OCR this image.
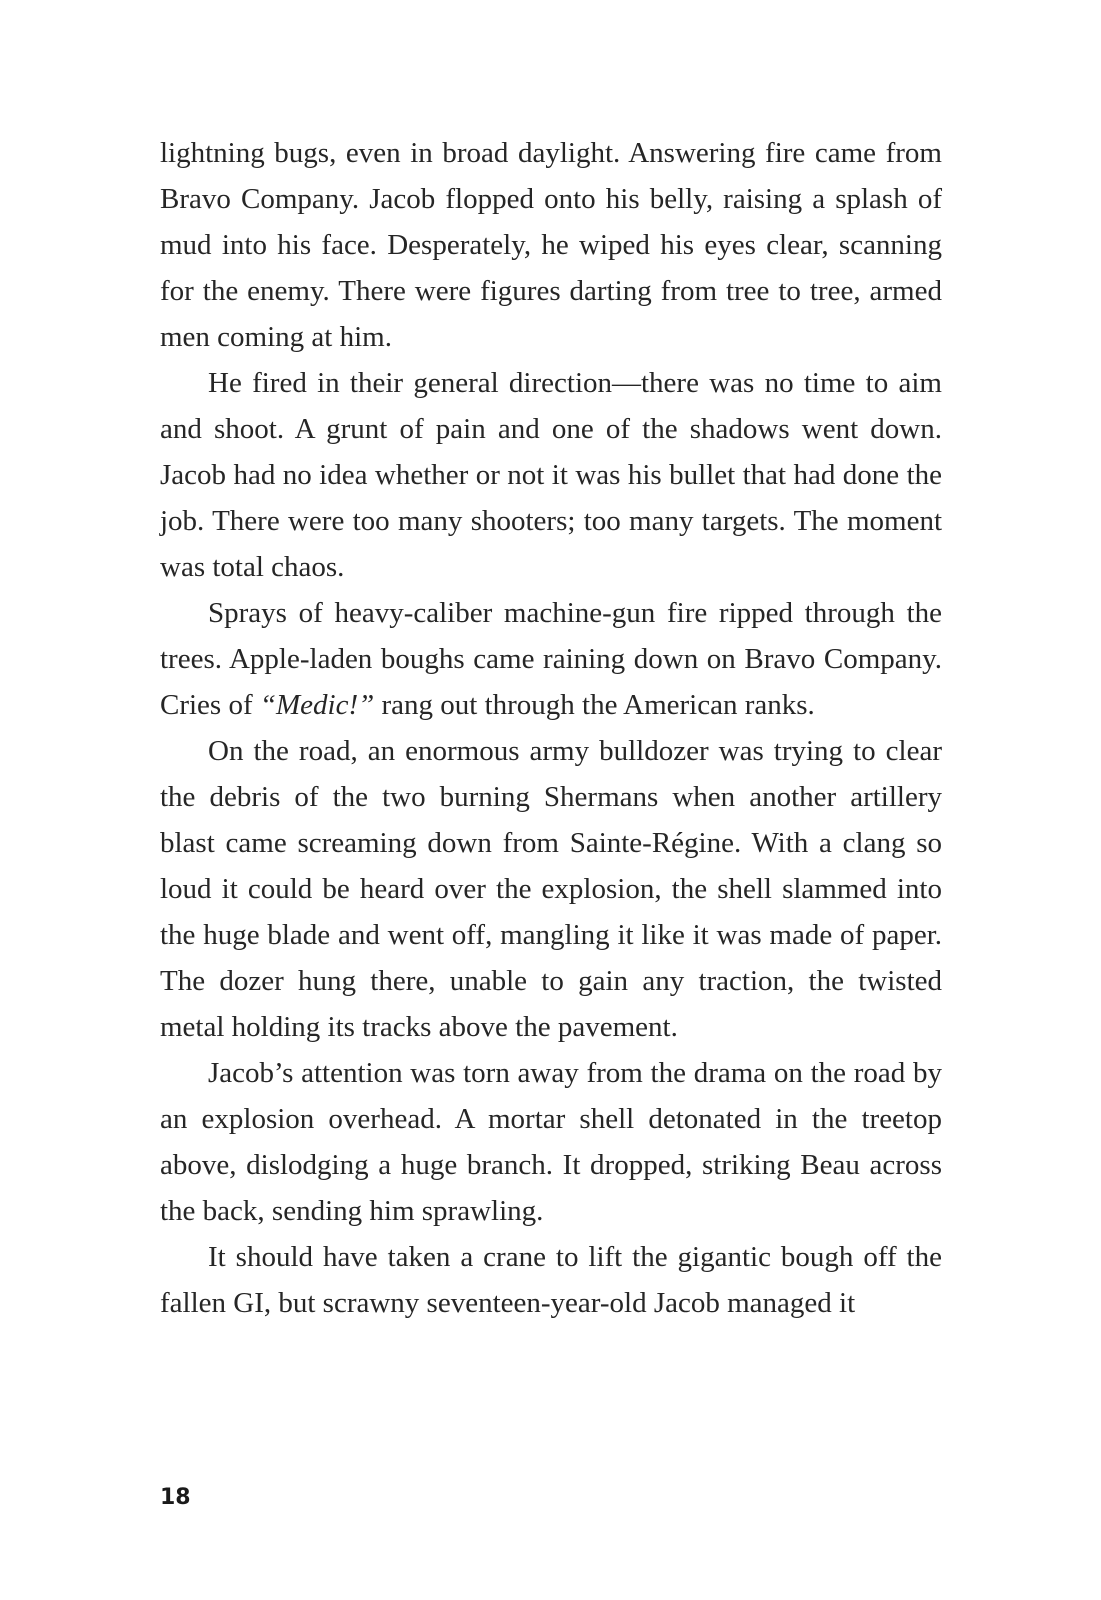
lightning bugs, even in broad daylight. Answering fire came from Bravo Company. Jacob flopped onto his belly, raising a splash of mud into his face. Desperately, he wiped his eyes clear, scanning for the enemy. There were figures darting from tree to tree, armed men coming at him.

He fired in their general direction—there was no time to aim and shoot. A grunt of pain and one of the shadows went down. Jacob had no idea whether or not it was his bullet that had done the job. There were too many shooters; too many targets. The moment was total chaos.

Sprays of heavy-caliber machine-gun fire ripped through the trees. Apple-laden boughs came raining down on Bravo Company. Cries of “Medic!” rang out through the American ranks.

On the road, an enormous army bulldozer was trying to clear the debris of the two burning Shermans when another artillery blast came screaming down from Sainte-Régine. With a clang so loud it could be heard over the explosion, the shell slammed into the huge blade and went off, mangling it like it was made of paper. The dozer hung there, unable to gain any traction, the twisted metal holding its tracks above the pavement.

Jacob’s attention was torn away from the drama on the road by an explosion overhead. A mortar shell detonated in the treetop above, dislodging a huge branch. It dropped, striking Beau across the back, sending him sprawling.

It should have taken a crane to lift the gigantic bough off the fallen GI, but scrawny seventeen-year-old Jacob managed it

18
